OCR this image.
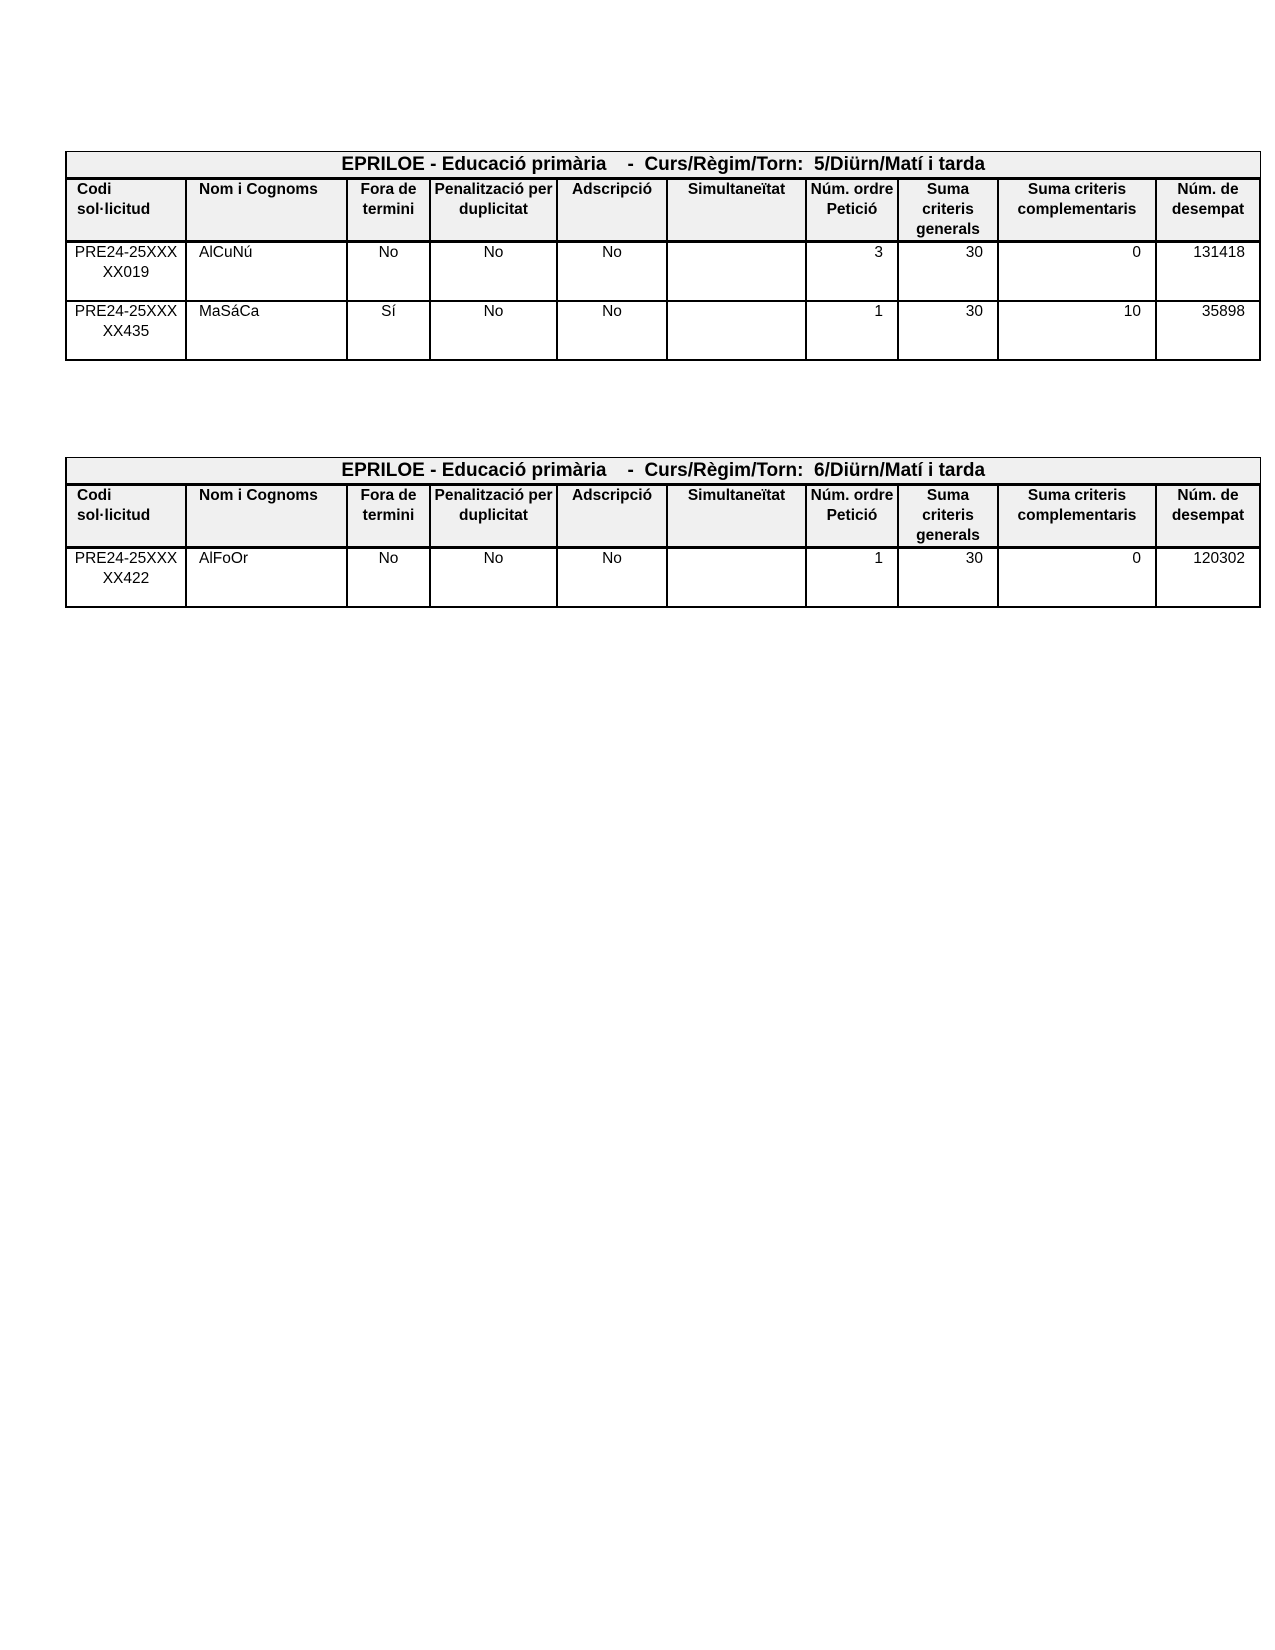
EPRILOE - Educació primària    -  Curs/Règim/Torn:  5/Diürn/Matí i tarda									
Codi sol·licitud	Nom i Cognoms	Fora de termini	Penalització per duplicitat	Adscripció	Simultaneïtat	Núm. ordre Petició	Suma criteris generals	Suma criteris complementaris	Núm. de desempat
PRE24-25XXXXX019	AlCuNú	No	No	No		3	30	0	131418
PRE24-25XXXXX435	MaSáCa	Sí	No	No		1	30	10	35898
EPRILOE - Educació primària    -  Curs/Règim/Torn:  6/Diürn/Matí i tarda									
Codi sol·licitud	Nom i Cognoms	Fora de termini	Penalització per duplicitat	Adscripció	Simultaneïtat	Núm. ordre Petició	Suma criteris generals	Suma criteris complementaris	Núm. de desempat
PRE24-25XXXXX422	AlFoOr	No	No	No		1	30	0	120302
